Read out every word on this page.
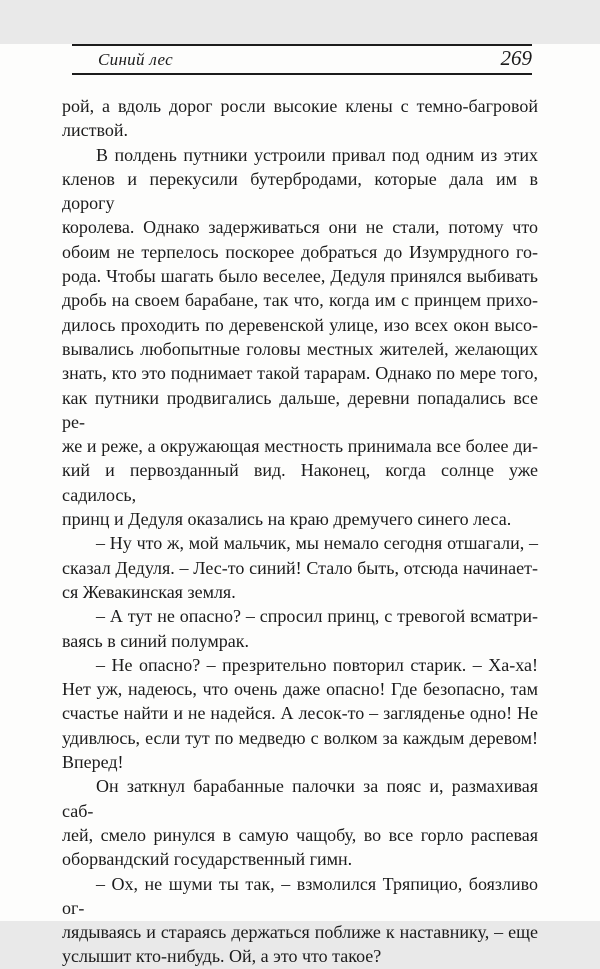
Синий лес	269
рой, а вдоль дорог росли высокие клены с темно-багровой
листвой.
В полдень путники устроили привал под одним из этих
кленов и перекусили бутербродами, которые дала им в дорогу
королева. Однако задерживаться они не стали, потому что
обоим не терпелось поскорее добраться до Изумрудного го-
рода. Чтобы шагать было веселее, Дедуля принялся выбивать
дробь на своем барабане, так что, когда им с принцем прихо-
дилось проходить по деревенской улице, изо всех окон высо-
вывались любопытные головы местных жителей, желающих
знать, кто это поднимает такой тарарам. Однако по мере того,
как путники продвигались дальше, деревни попадались все ре-
же и реже, а окружающая местность принимала все более ди-
кий и первозданный вид. Наконец, когда солнце уже садилось,
принц и Дедуля оказались на краю дремучего синего леса.
– Ну что ж, мой мальчик, мы немало сегодня отшагали, –
сказал Дедуля. – Лес-то синий! Стало быть, отсюда начинает-
ся Жевакинская земля.
– А тут не опасно? – спросил принц, с тревогой всматри-
ваясь в синий полумрак.
– Не опасно? – презрительно повторил старик. – Ха-ха!
Нет уж, надеюсь, что очень даже опасно! Где безопасно, там
счастье найти и не надейся. А лесок-то – загляденье одно! Не
удивлюсь, если тут по медведю с волком за каждым деревом!
Вперед!
Он заткнул барабанные палочки за пояс и, размахивая саб-
лей, смело ринулся в самую чащобу, во все горло распевая
оборвандский государственный гимн.
– Ох, не шуми ты так, – взмолился Тряпицио, боязливо ог-
лядываясь и стараясь держаться поближе к наставнику, – еще
услышит кто-нибудь. Ой, а это что такое?
